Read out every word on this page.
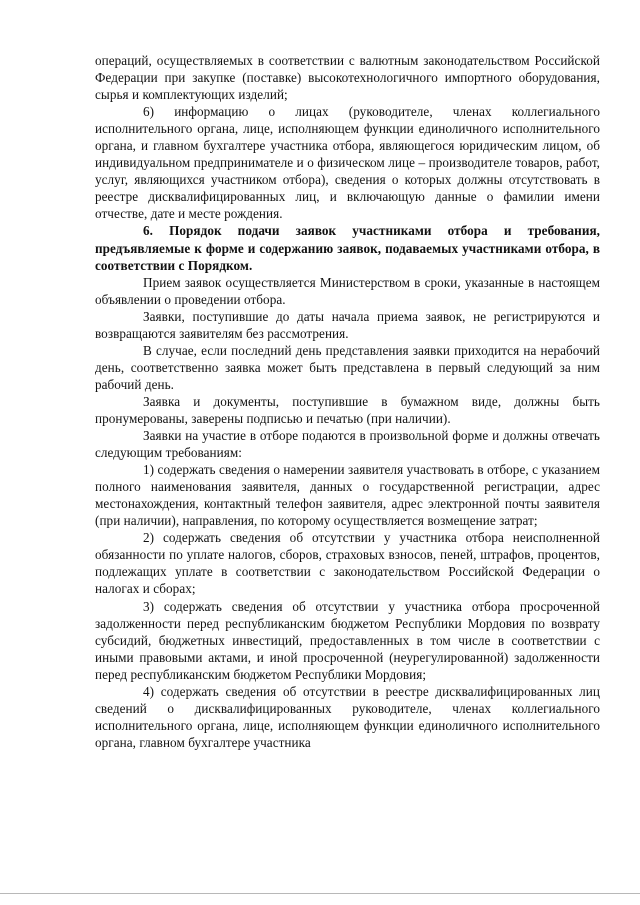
операций, осуществляемых в соответствии с валютным законодательством Российской Федерации при закупке (поставке) высокотехнологичного импортного оборудования, сырья и комплектующих изделий;

6) информацию о лицах (руководителе, членах коллегиального исполнительного органа, лице, исполняющем функции единоличного исполнительного органа, и главном бухгалтере участника отбора, являющегося юридическим лицом, об индивидуальном предпринимателе и о физическом лице – производителе товаров, работ, услуг, являющихся участником отбора), сведения о которых должны отсутствовать в реестре дисквалифицированных лиц, и включающую данные о фамилии имени отчестве, дате и месте рождения.

6. Порядок подачи заявок участниками отбора и требования, предъявляемые к форме и содержанию заявок, подаваемых участниками отбора, в соответствии с Порядком.

Прием заявок осуществляется Министерством в сроки, указанные в настоящем объявлении о проведении отбора.

Заявки, поступившие до даты начала приема заявок, не регистрируются и возвращаются заявителям без рассмотрения.

В случае, если последний день представления заявки приходится на нерабочий день, соответственно заявка может быть представлена в первый следующий за ним рабочий день.

Заявка и документы, поступившие в бумажном виде, должны быть пронумерованы, заверены подписью и печатью (при наличии).

Заявки на участие в отборе подаются в произвольной форме и должны отвечать следующим требованиям:

1) содержать сведения о намерении заявителя участвовать в отборе, с указанием полного наименования заявителя, данных о государственной регистрации, адрес местонахождения, контактный телефон заявителя, адрес электронной почты заявителя (при наличии), направления, по которому осуществляется возмещение затрат;

2) содержать сведения об отсутствии у участника отбора неисполненной обязанности по уплате налогов, сборов, страховых взносов, пеней, штрафов, процентов, подлежащих уплате в соответствии с законодательством Российской Федерации о налогах и сборах;

3) содержать сведения об отсутствии у участника отбора просроченной задолженности перед республиканским бюджетом Республики Мордовия по возврату субсидий, бюджетных инвестиций, предоставленных в том числе в соответствии с иными правовыми актами, и иной просроченной (неурегулированной) задолженности перед республиканским бюджетом Республики Мордовия;

4) содержать сведения об отсутствии в реестре дисквалифицированных лиц сведений о дисквалифицированных руководителе, членах коллегиального исполнительного органа, лице, исполняющем функции единоличного исполнительного органа, главном бухгалтере участника
